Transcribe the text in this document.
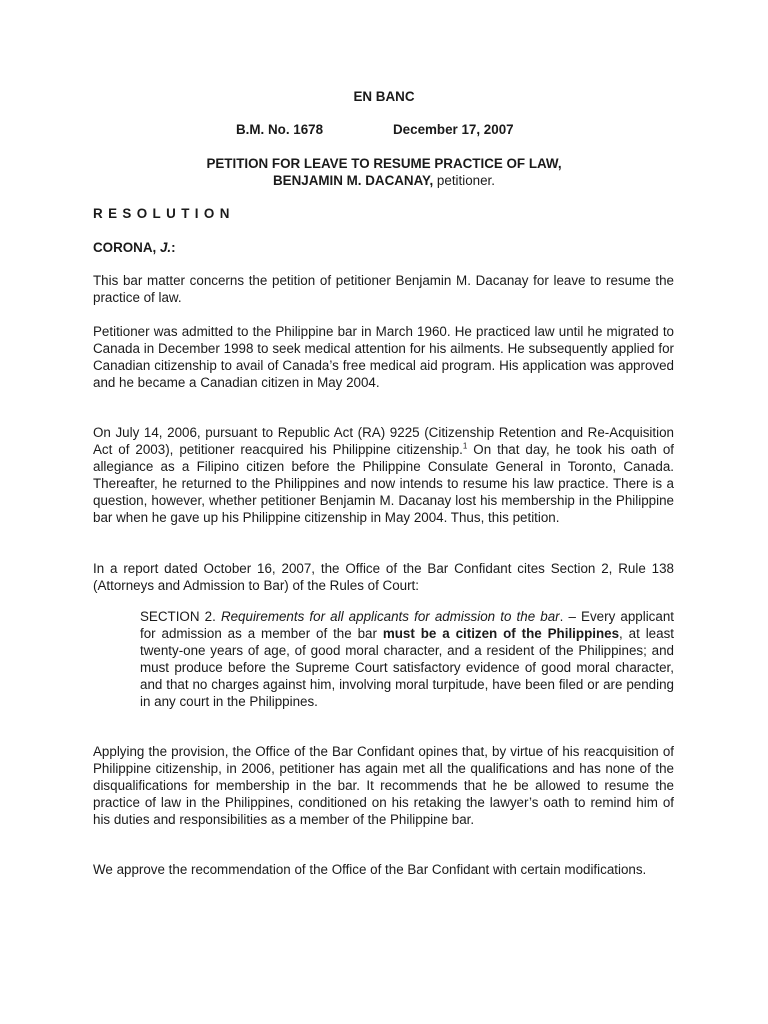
EN BANC
B.M. No. 1678	December 17, 2007
PETITION FOR LEAVE TO RESUME PRACTICE OF LAW,
BENJAMIN M. DACANAY, petitioner.
RESOLUTION
CORONA, J.:

This bar matter concerns the petition of petitioner Benjamin M. Dacanay for leave to resume the practice of law.

Petitioner was admitted to the Philippine bar in March 1960. He practiced law until he migrated to Canada in December 1998 to seek medical attention for his ailments. He subsequently applied for Canadian citizenship to avail of Canada’s free medical aid program. His application was approved and he became a Canadian citizen in May 2004.

On July 14, 2006, pursuant to Republic Act (RA) 9225 (Citizenship Retention and Re-Acquisition Act of 2003), petitioner reacquired his Philippine citizenship.$^1$ On that day, he took his oath of allegiance as a Filipino citizen before the Philippine Consulate General in Toronto, Canada. Thereafter, he returned to the Philippines and now intends to resume his law practice. There is a question, however, whether petitioner Benjamin M. Dacanay lost his membership in the Philippine bar when he gave up his Philippine citizenship in May 2004. Thus, this petition.

In a report dated October 16, 2007, the Office of the Bar Confidant cites Section 2, Rule 138 (Attorneys and Admission to Bar) of the Rules of Court:

SECTION 2. Requirements for all applicants for admission to the bar. – Every applicant for admission as a member of the bar must be a citizen of the Philippines, at least twenty-one years of age, of good moral character, and a resident of the Philippines; and must produce before the Supreme Court satisfactory evidence of good moral character, and that no charges against him, involving moral turpitude, have been filed or are pending in any court in the Philippines.

Applying the provision, the Office of the Bar Confidant opines that, by virtue of his reacquisition of Philippine citizenship, in 2006, petitioner has again met all the qualifications and has none of the disqualifications for membership in the bar. It recommends that he be allowed to resume the practice of law in the Philippines, conditioned on his retaking the lawyer’s oath to remind him of his duties and responsibilities as a member of the Philippine bar.

We approve the recommendation of the Office of the Bar Confidant with certain modifications.
